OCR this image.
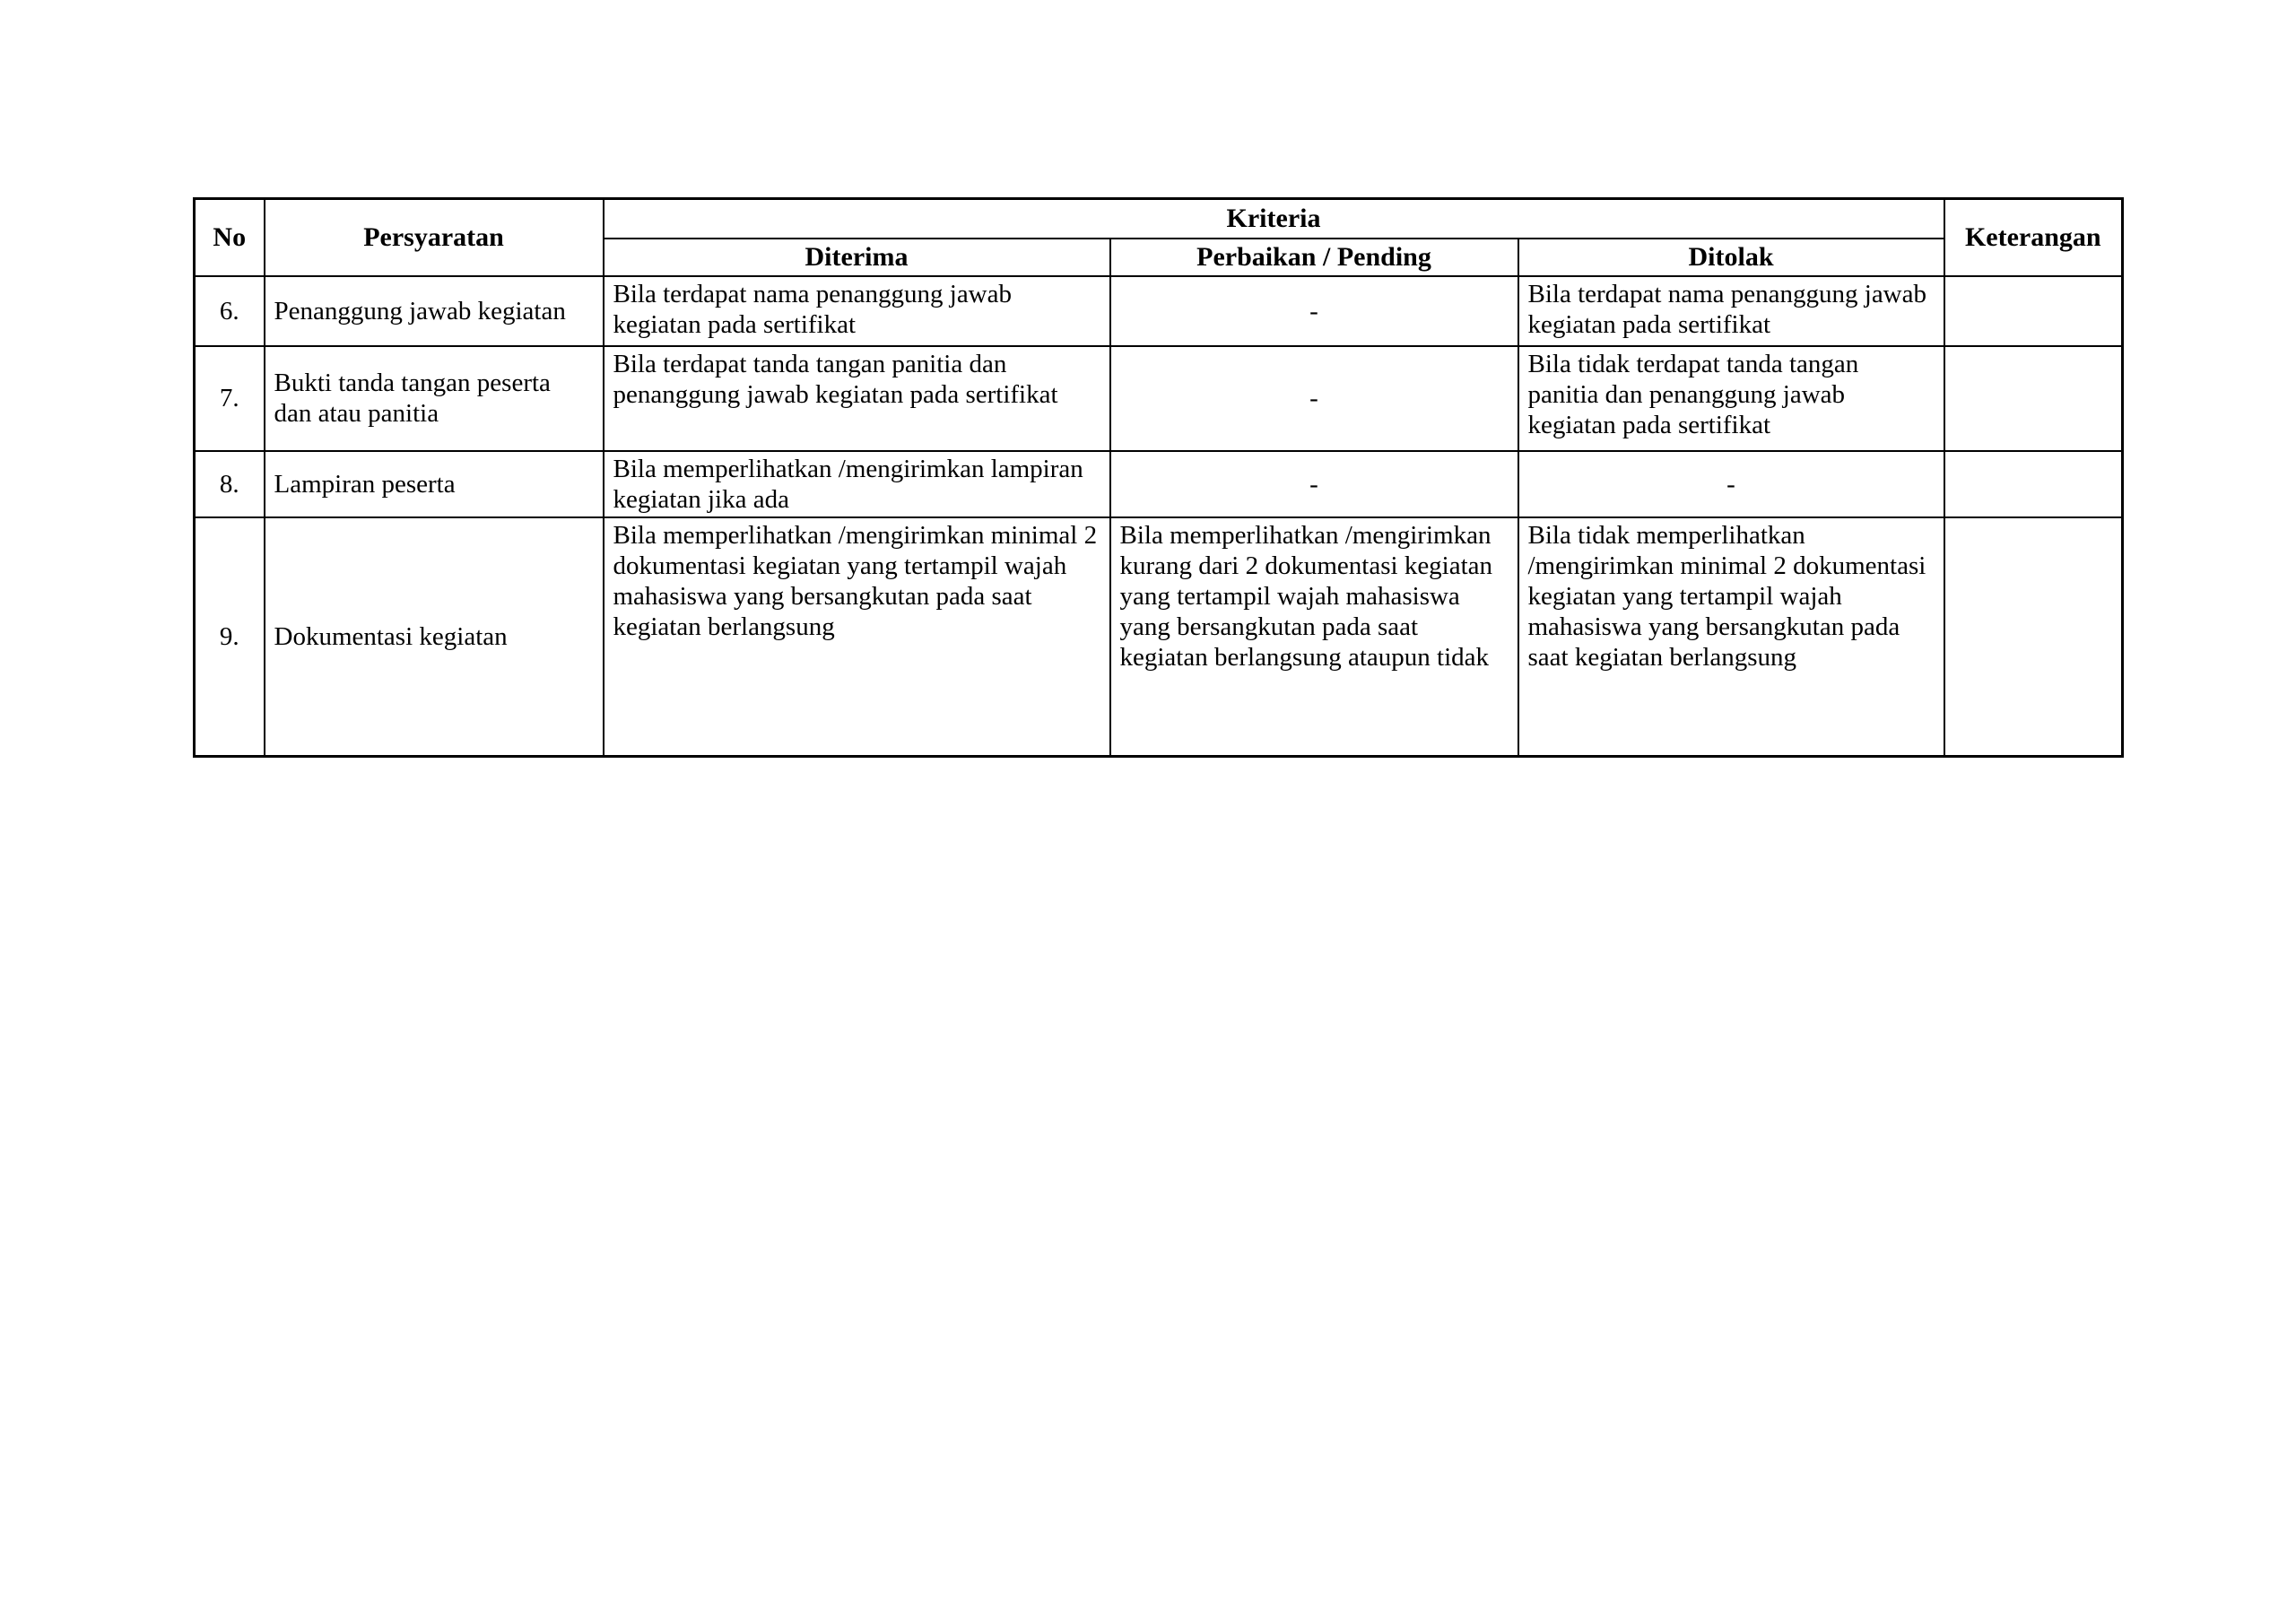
No	Persyaratan	Kriteria			Keterangan
		Diterima	Perbaikan / Pending	Ditolak	
6.	Penanggung jawab kegiatan	Bila terdapat nama penanggung jawab kegiatan pada sertifikat	-	Bila terdapat nama penanggung jawab kegiatan pada sertifikat	
7.	Bukti tanda tangan peserta dan atau panitia	Bila terdapat tanda tangan panitia dan penanggung jawab kegiatan pada sertifikat	-	Bila tidak terdapat tanda tangan panitia dan penanggung jawab kegiatan pada sertifikat	
8.	Lampiran peserta	Bila memperlihatkan /mengirimkan lampiran kegiatan jika ada	-	-	
9.	Dokumentasi kegiatan	Bila memperlihatkan /mengirimkan minimal 2 dokumentasi kegiatan yang tertampil wajah mahasiswa yang bersangkutan pada saat kegiatan berlangsung	Bila memperlihatkan /mengirimkan kurang dari 2 dokumentasi kegiatan yang tertampil wajah mahasiswa yang bersangkutan pada saat kegiatan berlangsung ataupun tidak	Bila tidak memperlihatkan /mengirimkan minimal 2 dokumentasi kegiatan yang tertampil wajah mahasiswa yang bersangkutan pada saat kegiatan berlangsung	
